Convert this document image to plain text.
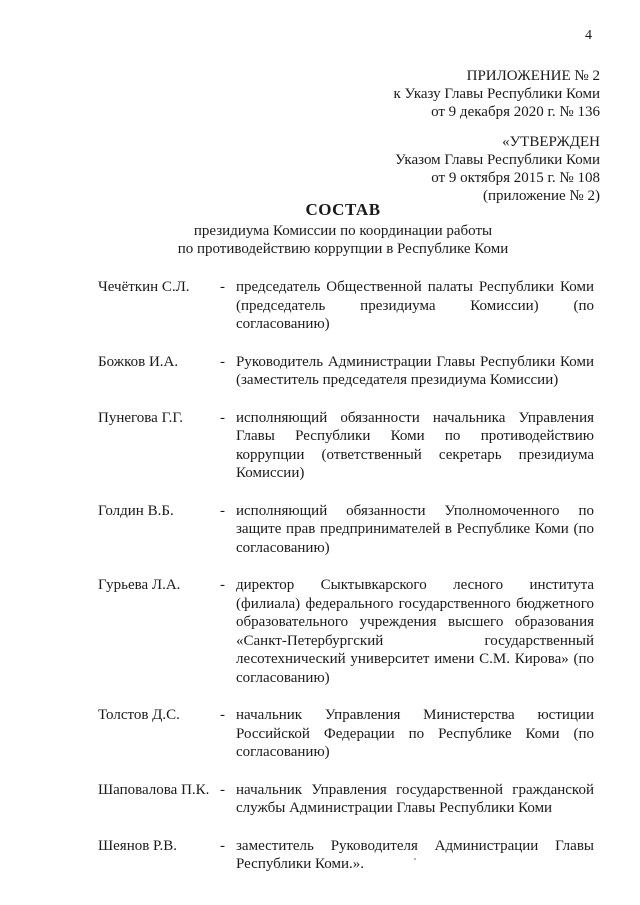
4
ПРИЛОЖЕНИЕ № 2
к Указу Главы Республики Коми
от 9 декабря 2020 г. № 136
«УТВЕРЖДЕН
Указом Главы Республики Коми
от 9 октября 2015 г. № 108
(приложение № 2)
СОСТАВ
президиума Комиссии по координации работы
по противодействию коррупции в Республике Коми
Чечёткин С.Л.	- председатель Общественной палаты Республики Коми (председатель президиума Комиссии) (по согласованию)
Божков И.А.	- Руководитель Администрации Главы Республики Коми (заместитель председателя президиума Комиссии)
Пунегова Г.Г.	- исполняющий обязанности начальника Управления Главы Республики Коми по противодействию коррупции (ответственный секретарь президиума Комиссии)
Голдин В.Б.	- исполняющий обязанности Уполномоченного по защите прав предпринимателей в Республике Коми (по согласованию)
Гурьева Л.А.	- директор Сыктывкарского лесного института (филиала) федерального государственного бюджетного образовательного учреждения высшего образования «Санкт-Петербургский государственный лесотехнический университет имени С.М. Кирова» (по согласованию)
Толстов Д.С.	- начальник Управления Министерства юстиции Российской Федерации по Республике Коми (по согласованию)
Шаповалова П.К. - начальник Управления государственной гражданской службы Администрации Главы Республики Коми
Шеянов Р.В.	- заместитель Руководителя Администрации Главы Республики Коми.».
